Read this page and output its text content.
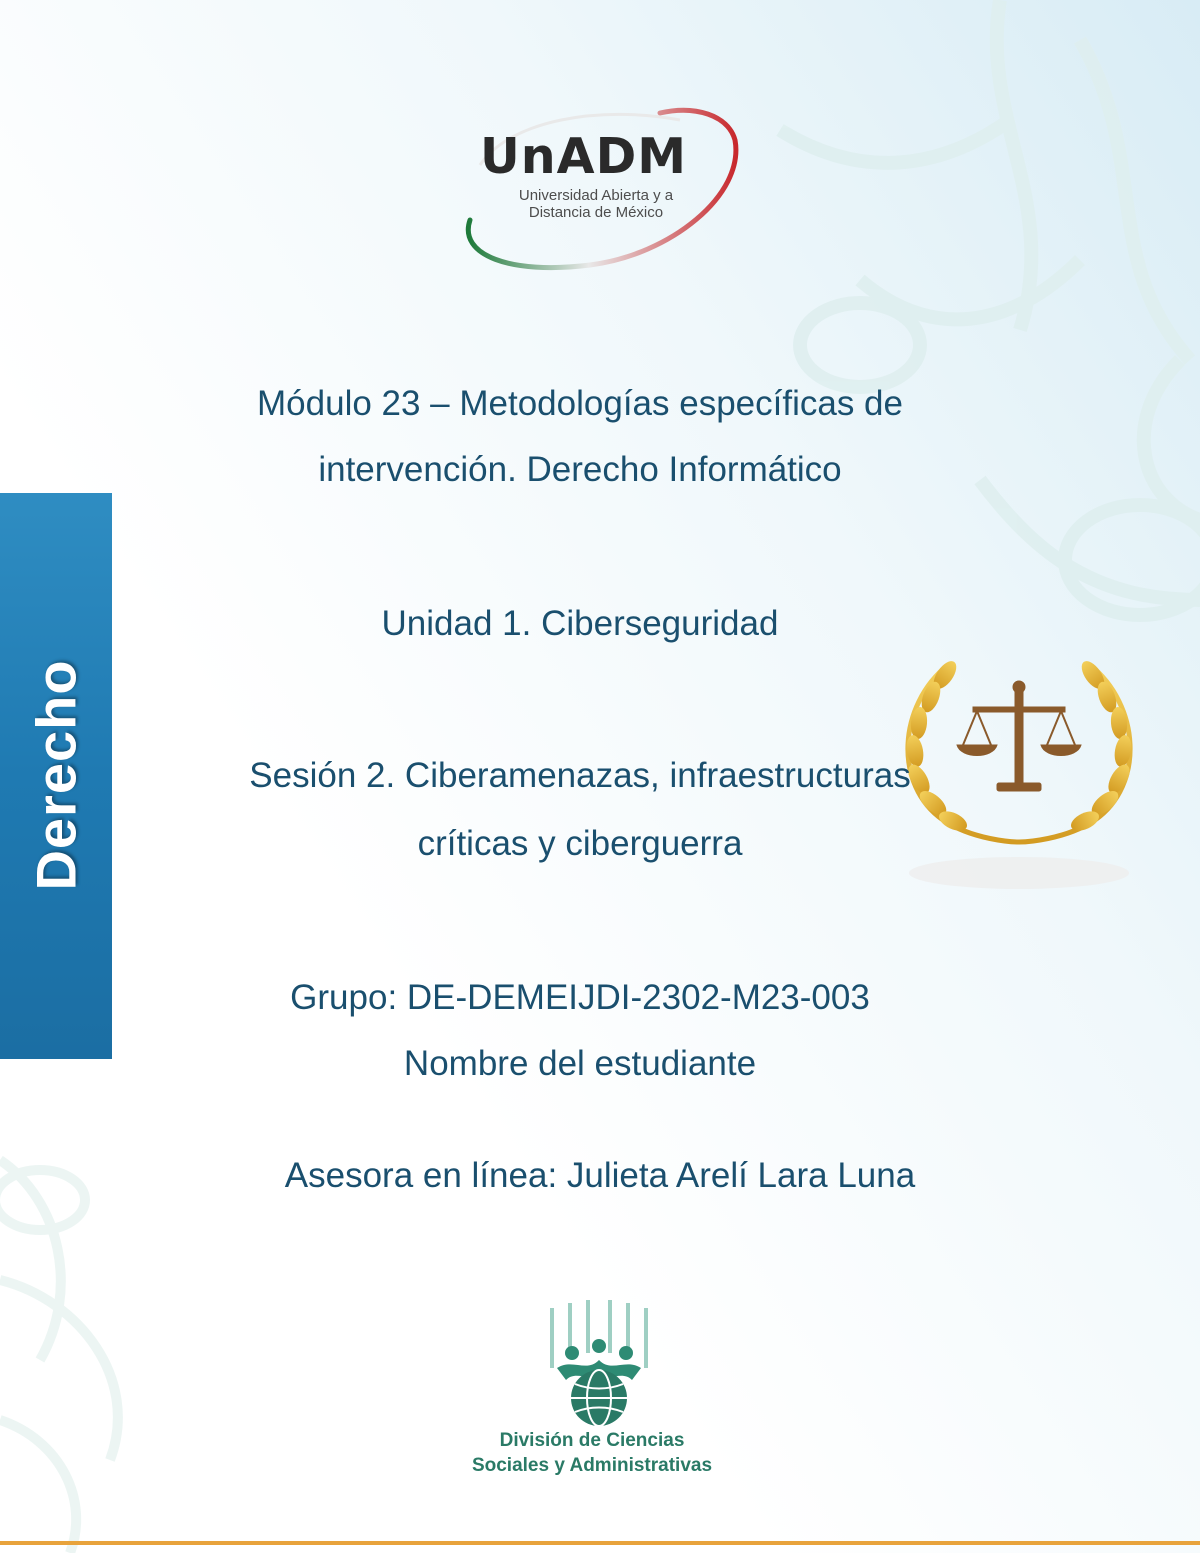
Derecho
UnADM
Universidad Abierta y a
Distancia de México
Módulo 23 – Metodologías específicas de
intervención. Derecho Informático
Unidad 1. Ciberseguridad
Sesión 2. Ciberamenazas, infraestructuras
críticas y ciberguerra
Grupo: DE-DEMEIJDI-2302-M23-003
Nombre del estudiante
Asesora en línea: Julieta Arelí Lara Luna
División de Ciencias
Sociales y Administrativas
